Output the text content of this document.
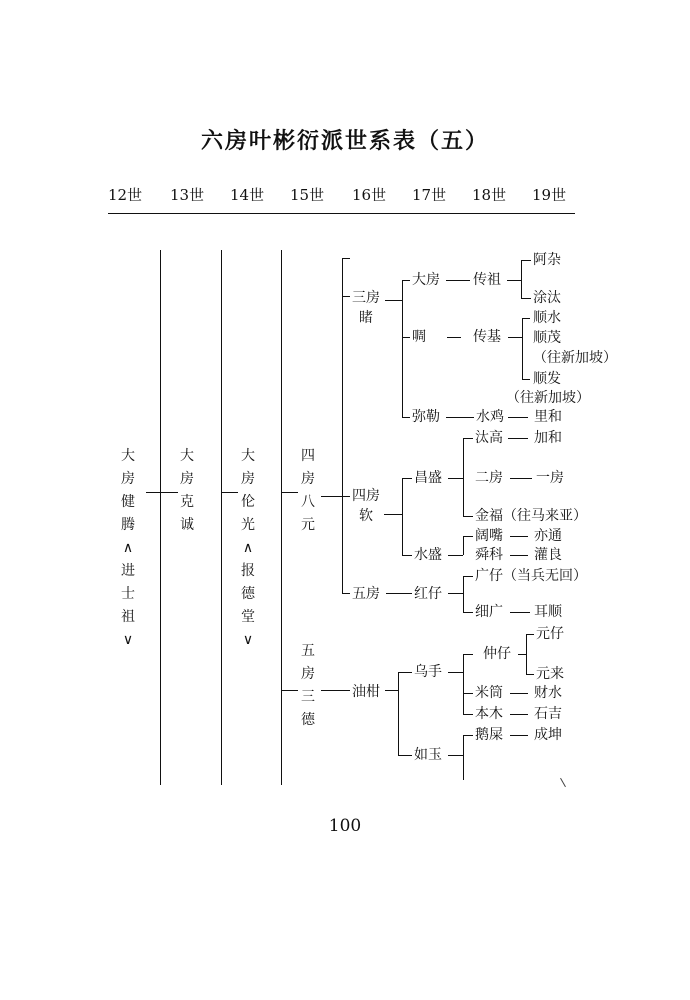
六房叶彬衍派世系表（五）
12世 13世 14世 15世 16世 17世 18世 19世
大
房
健
腾
∧
进
士
祖
∨
大
房
克
诚
大
房
伦
光
∧
报
德
堂
∨
四
房
八
元
五
房
三
德
三房
睹
四房
软
五房
油柑
大房
啁
弥勒
昌盛
水盛
红仔
乌手
如玉
传祖
传基
水鸡
汰高
二房
金福（往马来亚）
阔嘴
舜科
广仔（当兵无回）
细广
仲仔
米筒
本木
鹅屎
阿杂
涂汰
顺水
顺茂
（往新加坡）
顺发
（往新加坡）
里和
加和
一房
亦通
灌良
耳顺
元仔
元来
财水
石吉
成坤
100
